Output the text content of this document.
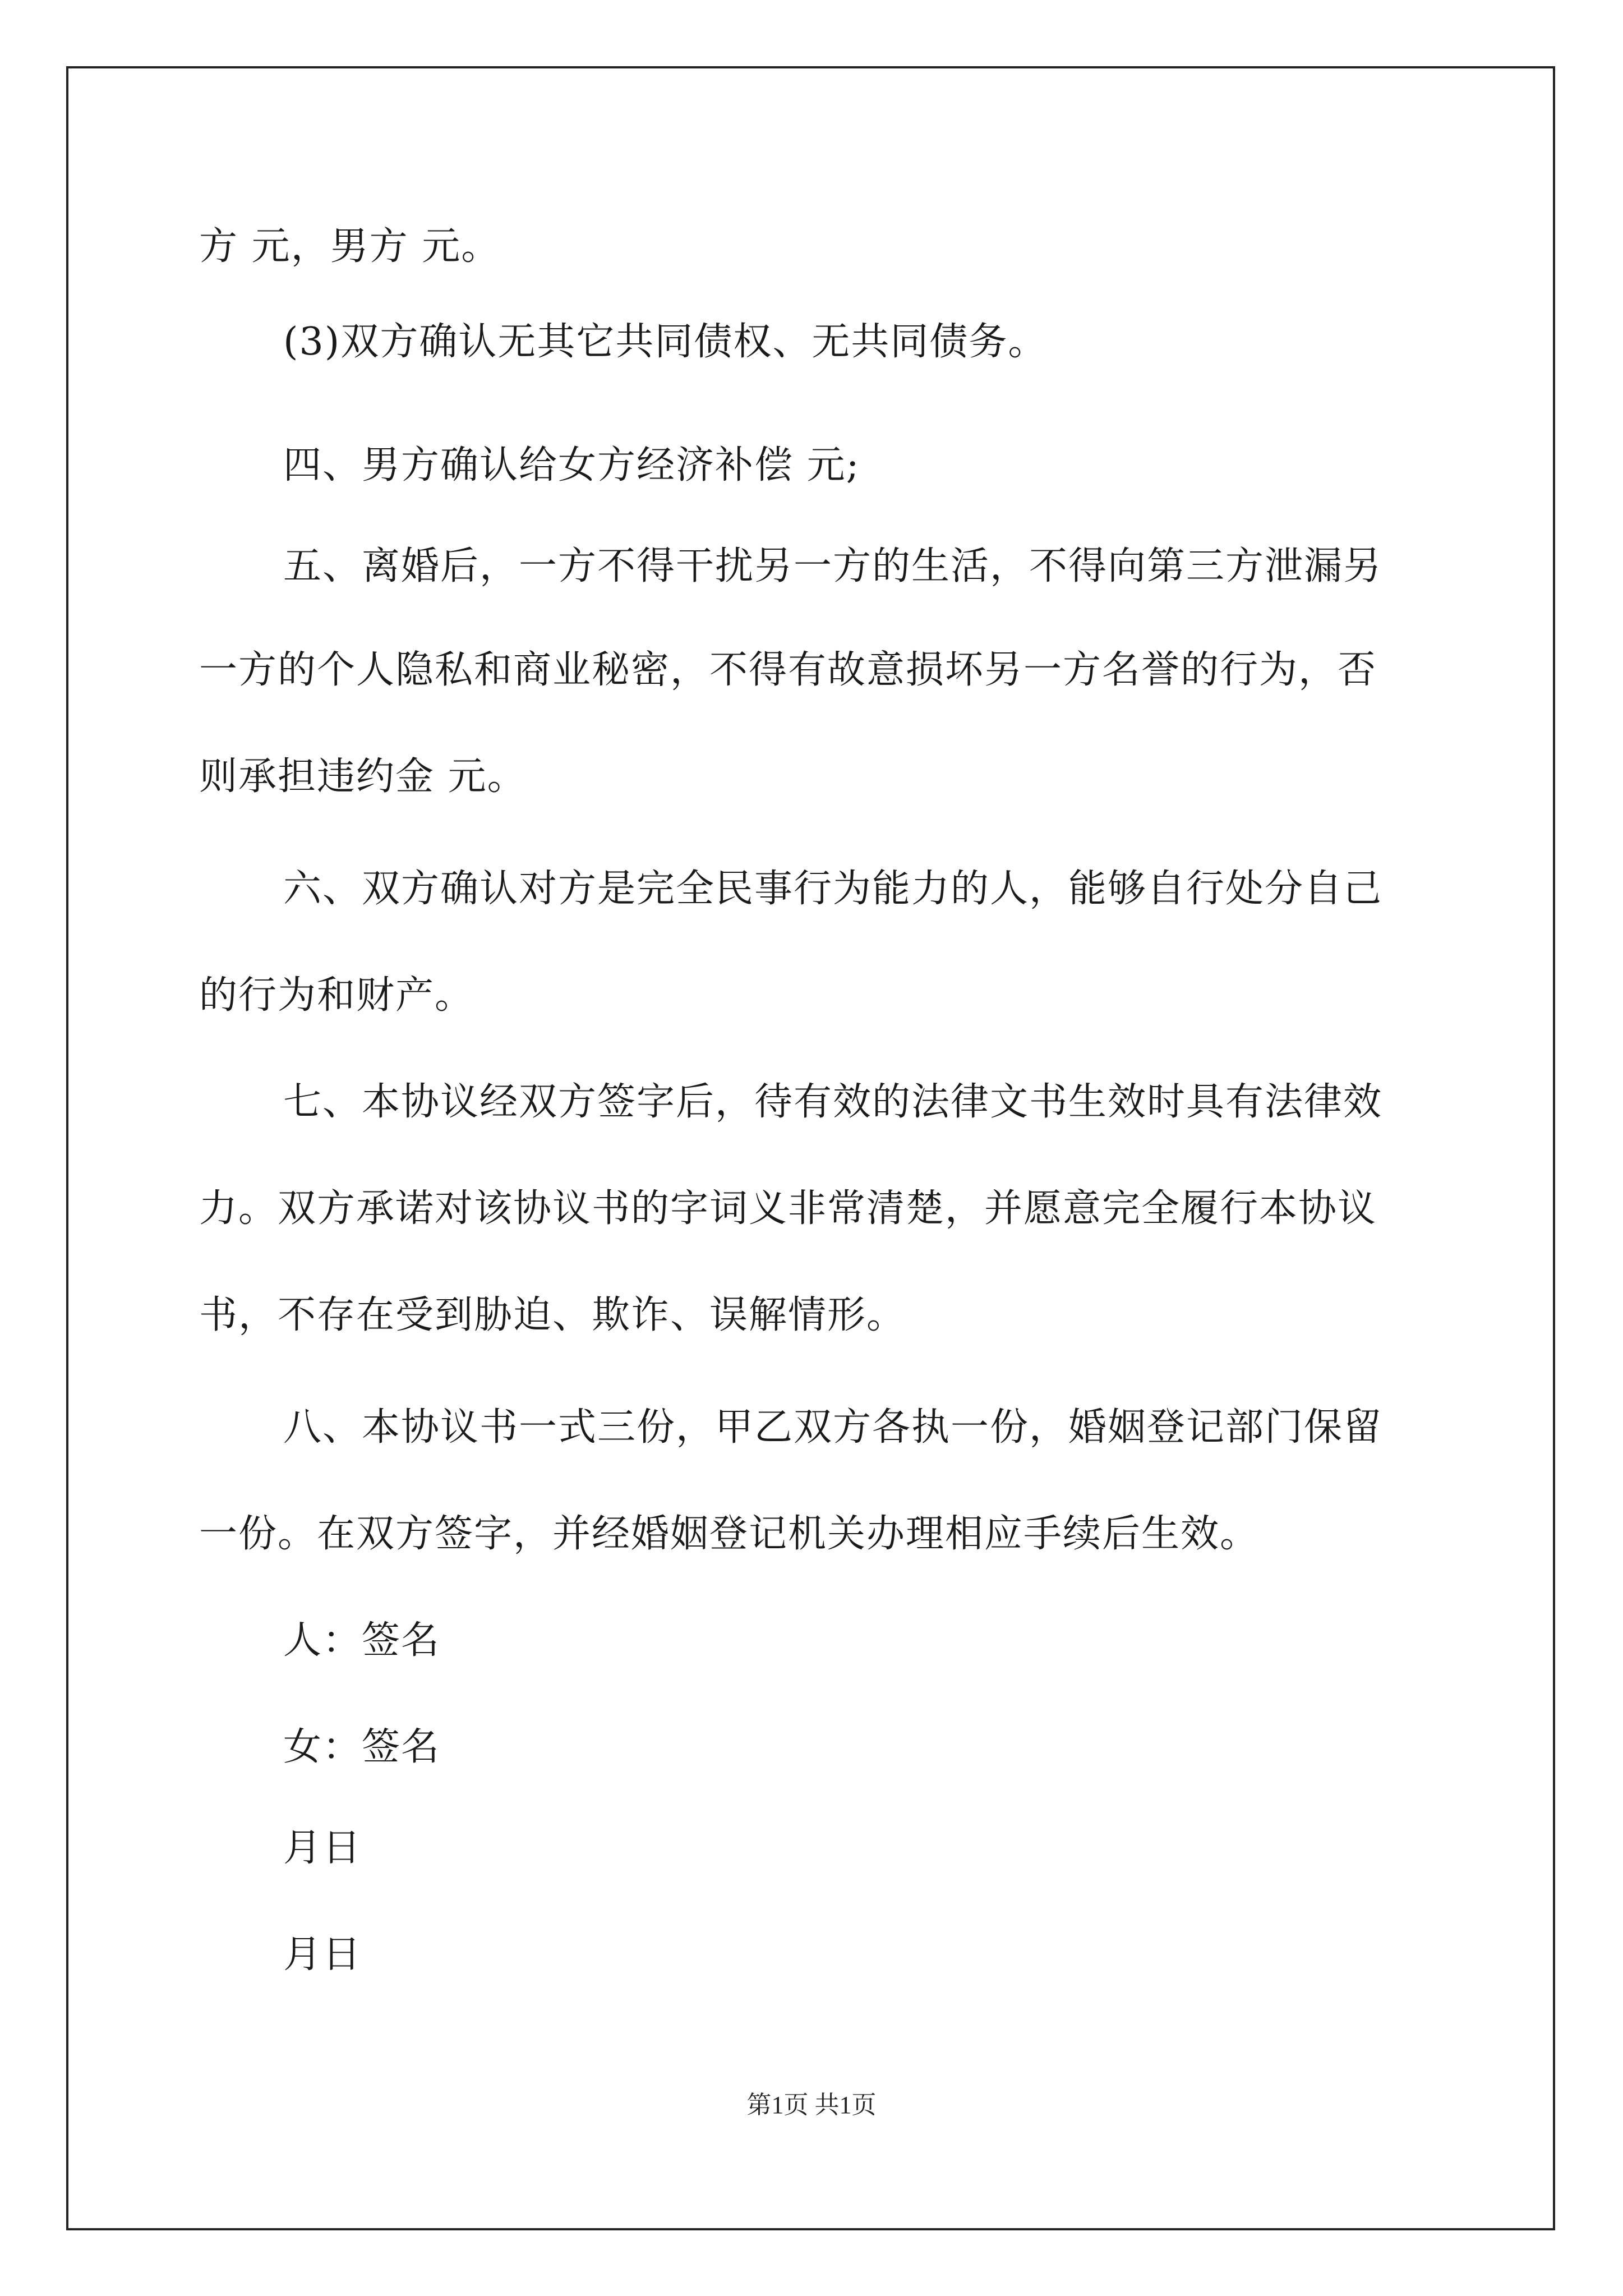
方 元，男方 元。
(3)双方确认无其它共同债权、无共同债务。
四、男方确认给女方经济补偿 元;
五、离婚后，一方不得干扰另一方的生活，不得向第三方泄漏另
一方的个人隐私和商业秘密，不得有故意损坏另一方名誉的行为，否
则承担违约金 元。
六、双方确认对方是完全民事行为能力的人，能够自行处分自己
的行为和财产。
七、本协议经双方签字后，待有效的法律文书生效时具有法律效
力。双方承诺对该协议书的字词义非常清楚，并愿意完全履行本协议
书，不存在受到胁迫、欺诈、误解情形。
八、本协议书一式三份，甲乙双方各执一份，婚姻登记部门保留
一份。在双方签字，并经婚姻登记机关办理相应手续后生效。
人：签名
女：签名
月日
月日
第1页 共1页
